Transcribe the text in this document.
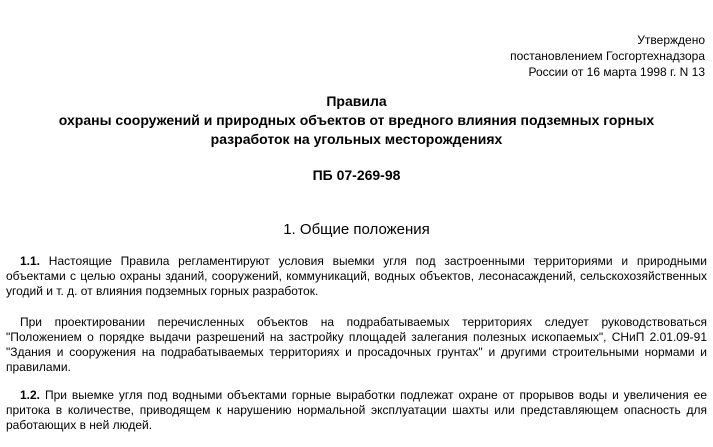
Утверждено
постановлением Госгортехнадзора
России от 16 марта 1998 г. N 13
Правила
охраны сооружений и природных объектов от вредного влияния подземных горных
разработок на угольных месторождениях
ПБ 07-269-98
1. Общие положения

1.1. Настоящие Правила регламентируют условия выемки угля под застроенными территориями и природными объектами с целью охраны зданий, сооружений, коммуникаций, водных объектов, лесонасаждений, сельскохозяйственных угодий и т. д. от влияния подземных горных разработок.

При проектировании перечисленных объектов на подрабатываемых территориях следует руководствоваться "Положением о порядке выдачи разрешений на застройку площадей залегания полезных ископаемых", СНиП 2.01.09-91 "Здания и сооружения на подрабатываемых территориях и просадочных грунтах" и другими строительными нормами и правилами.

1.2. При выемке угля под водными объектами горные выработки подлежат охране от прорывов воды и увеличения ее притока в количестве, приводящем к нарушению нормальной эксплуатации шахты или представляющем опасность для работающих в ней людей.
